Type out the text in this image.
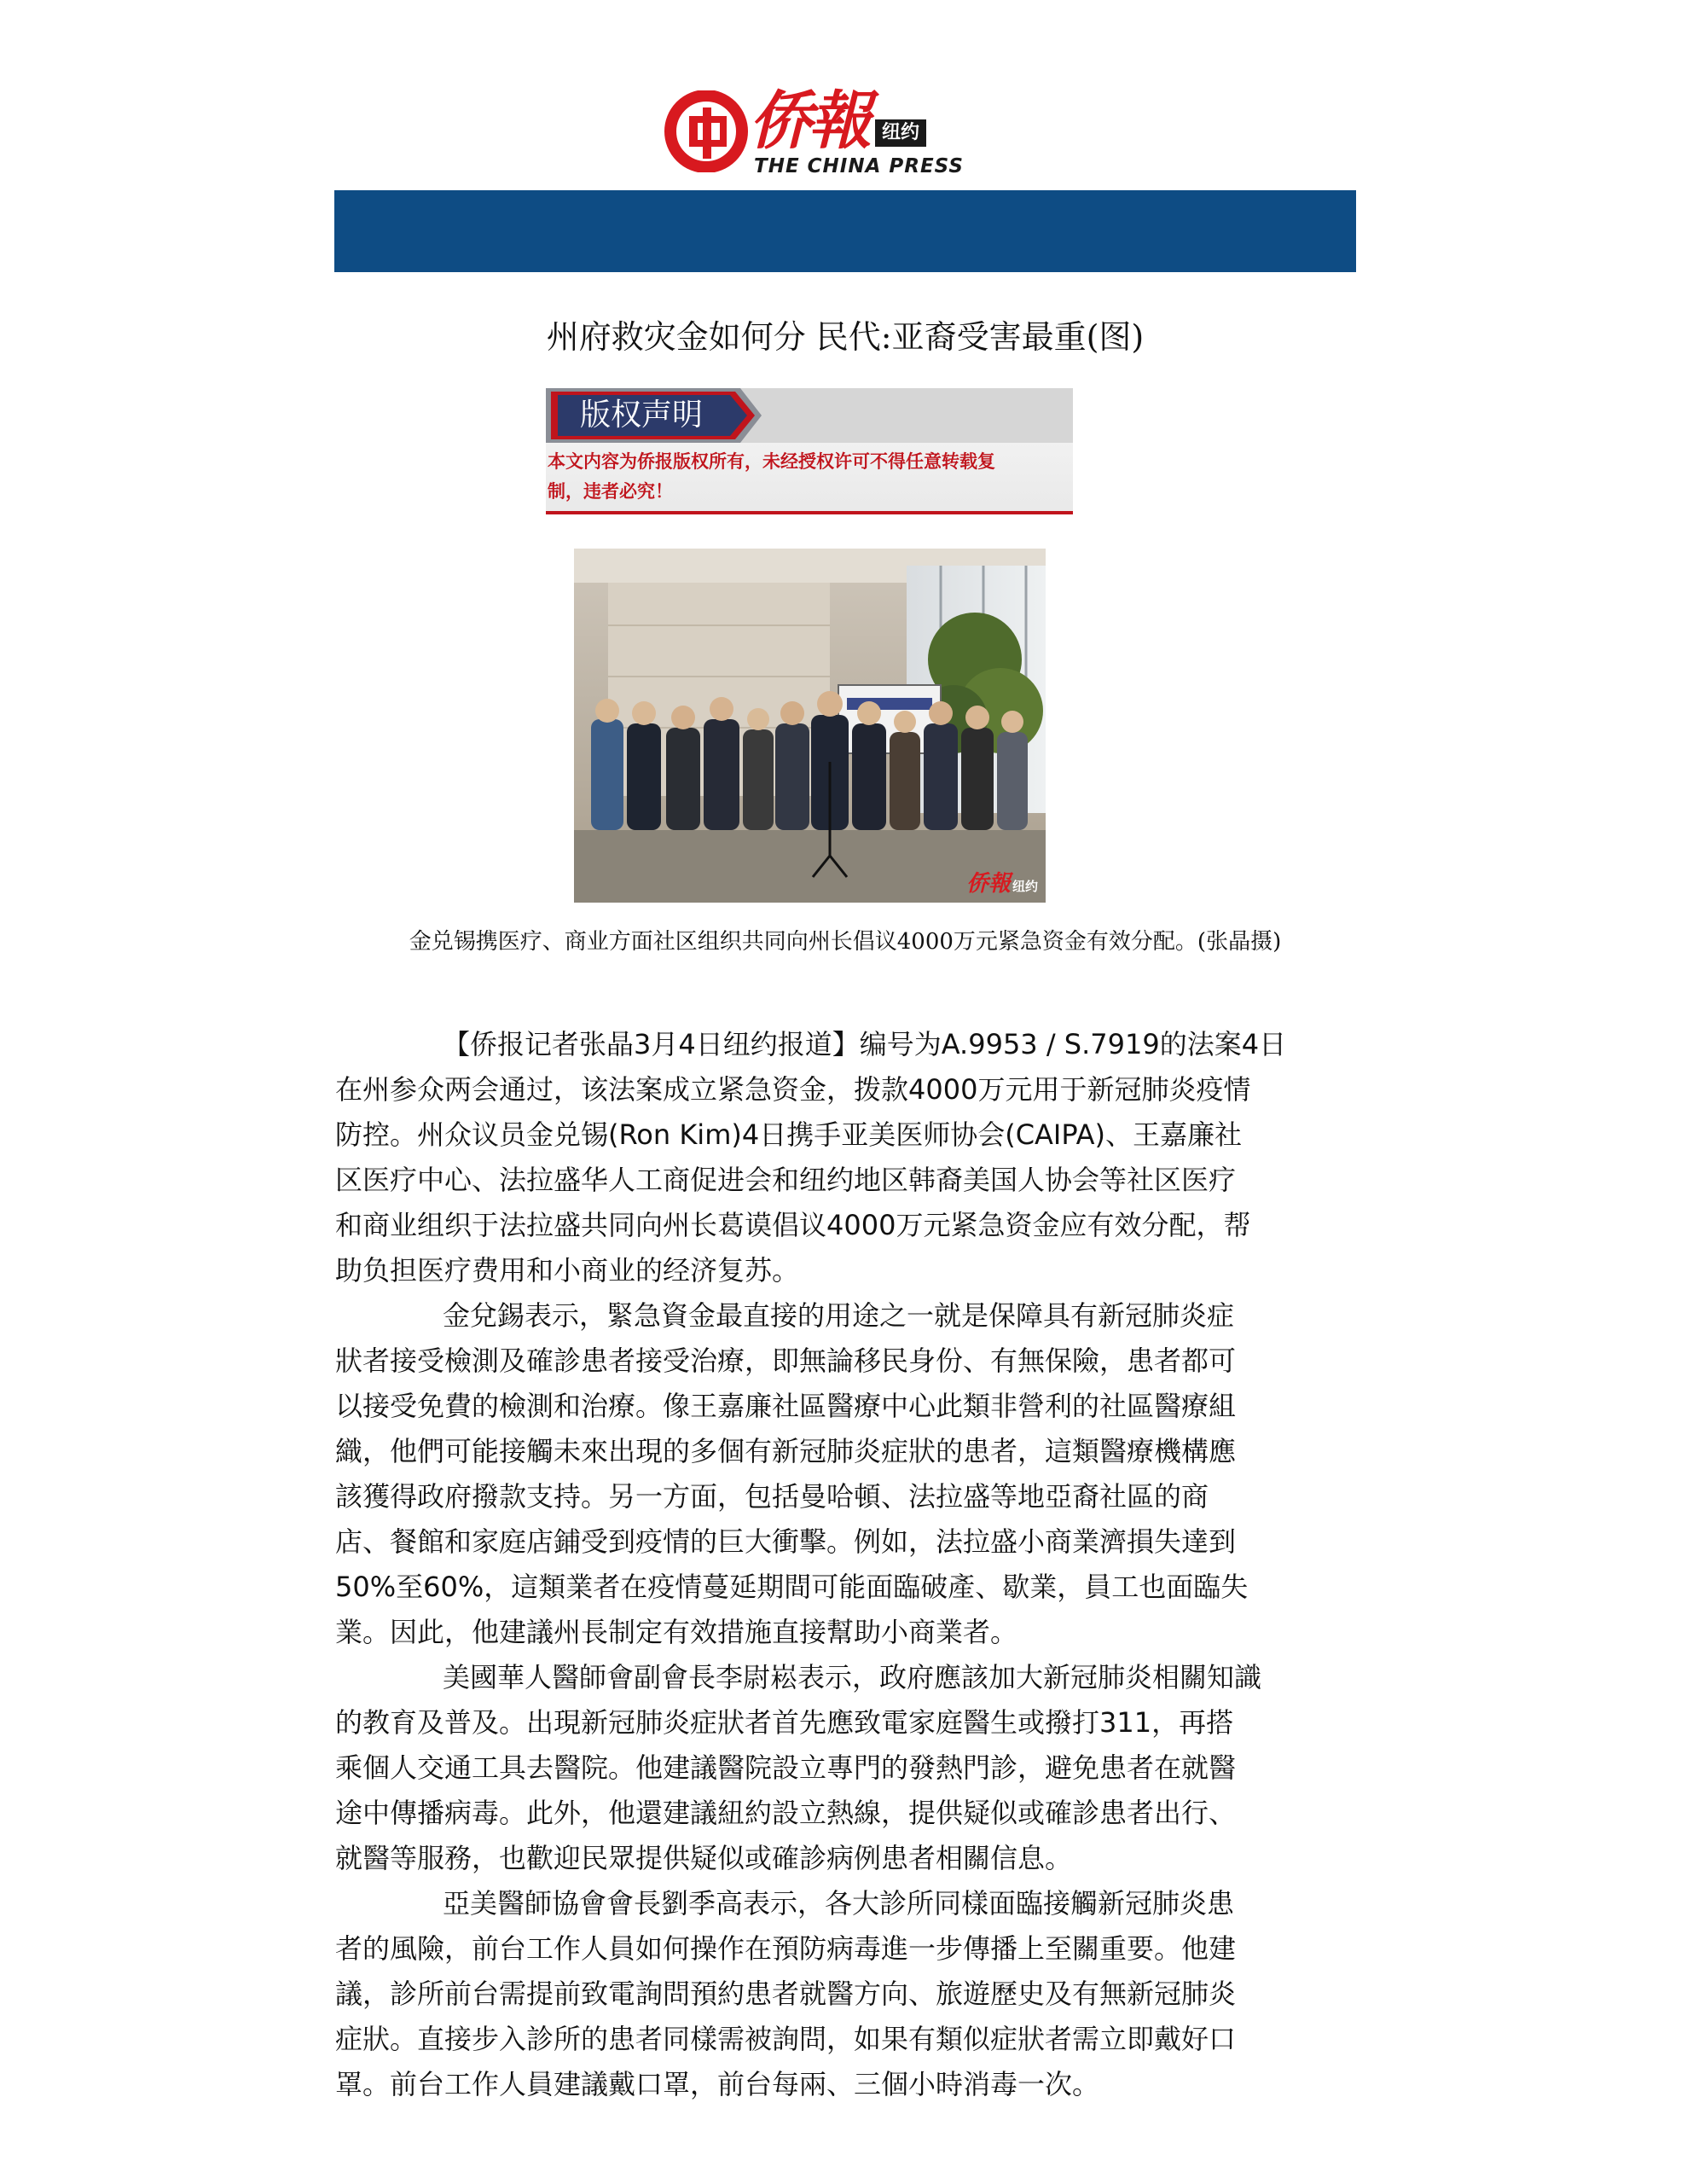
侨報 纽约
THE CHINA PRESS
州府救灾金如何分 民代:亚裔受害最重(图)
版权声明
本文内容为侨报版权所有，未经授权许可不得任意转载复
制，违者必究！
侨報 纽约
金兑锡携医疗、商业方面社区组织共同向州长倡议4000万元紧急资金有效分配。(张晶摄)

【侨报记者张晶3月4日纽约报道】编号为A.9953 / S.7919的法案4日
在州参众两会通过，该法案成立紧急资金，拨款4000万元用于新冠肺炎疫情
防控。州众议员金兑锡(Ron Kim)4日携手亚美医师协会(CAIPA)、王嘉廉社
区医疗中心、法拉盛华人工商促进会和纽约地区韩裔美国人协会等社区医疗
和商业组织于法拉盛共同向州长葛谟倡议4000万元紧急资金应有效分配，帮
助负担医疗费用和小商业的经济复苏。

金兌錫表示，緊急資金最直接的用途之一就是保障具有新冠肺炎症
狀者接受檢測及確診患者接受治療，即無論移民身份、有無保險，患者都可
以接受免費的檢測和治療。像王嘉廉社區醫療中心此類非營利的社區醫療組
織，他們可能接觸未來出現的多個有新冠肺炎症狀的患者，這類醫療機構應
該獲得政府撥款支持。另一方面，包括曼哈頓、法拉盛等地亞裔社區的商
店、餐館和家庭店鋪受到疫情的巨大衝擊。例如，法拉盛小商業濟損失達到
50%至60%，這類業者在疫情蔓延期間可能面臨破產、歇業，員工也面臨失
業。因此，他建議州長制定有效措施直接幫助小商業者。

美國華人醫師會副會長李尉崧表示，政府應該加大新冠肺炎相關知識
的教育及普及。出現新冠肺炎症狀者首先應致電家庭醫生或撥打311，再搭
乘個人交通工具去醫院。他建議醫院設立專門的發熱門診，避免患者在就醫
途中傳播病毒。此外，他還建議紐約設立熱線，提供疑似或確診患者出行、
就醫等服務，也歡迎民眾提供疑似或確診病例患者相關信息。

亞美醫師協會會長劉季高表示，各大診所同樣面臨接觸新冠肺炎患
者的風險，前台工作人員如何操作在預防病毒進一步傳播上至關重要。他建
議，診所前台需提前致電詢問預約患者就醫方向、旅遊歷史及有無新冠肺炎
症狀。直接步入診所的患者同樣需被詢問，如果有類似症狀者需立即戴好口
罩。前台工作人員建議戴口罩，前台每兩、三個小時消毒一次。
